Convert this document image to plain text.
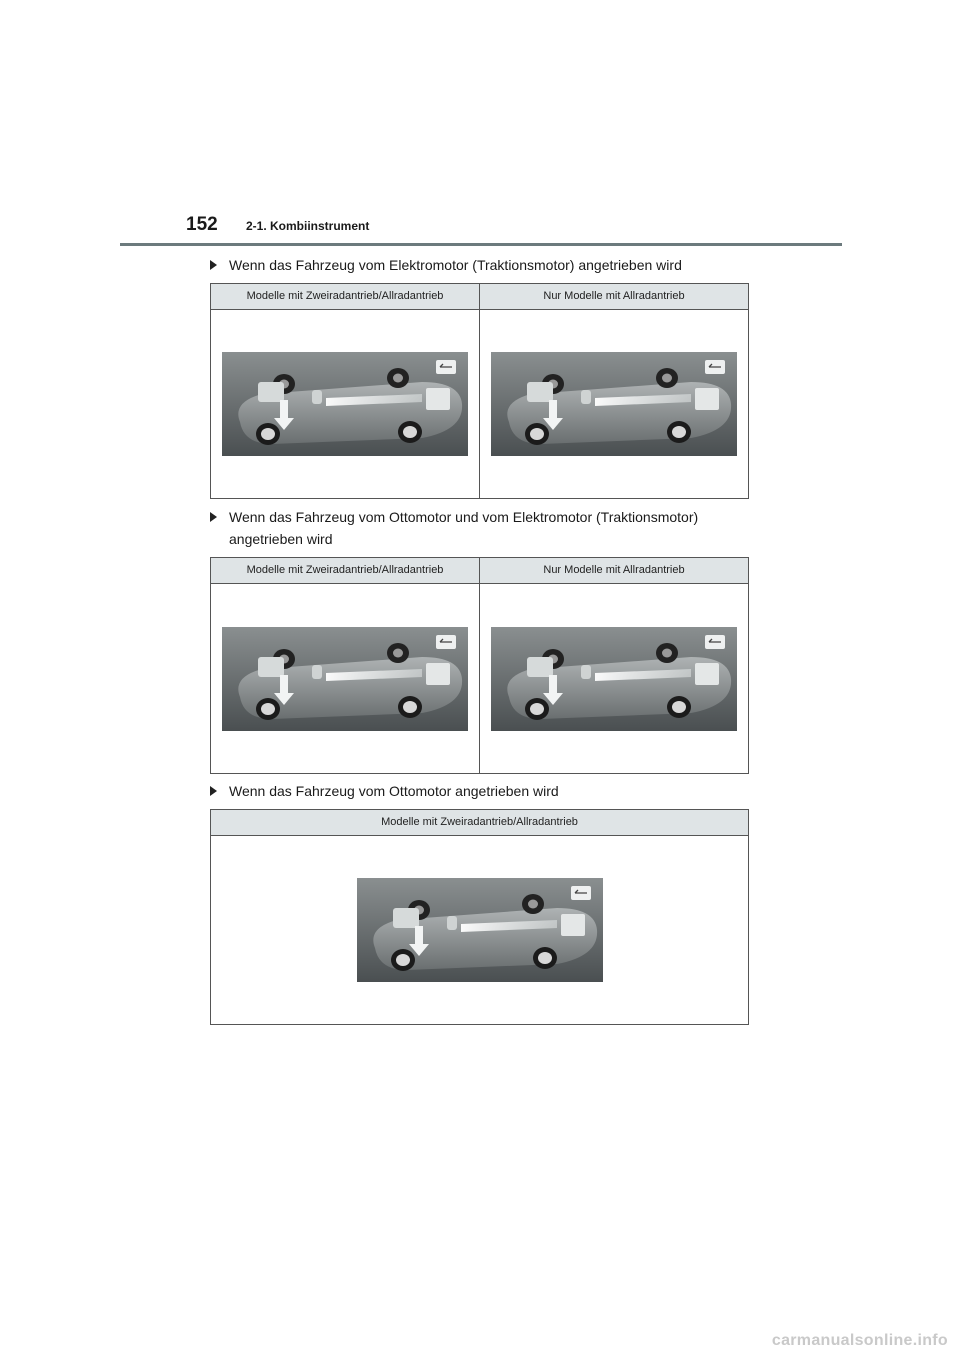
152 2-1. Kombiinstrument
Wenn das Fahrzeug vom Elektromotor (Traktionsmotor) angetrieben wird
Modelle mit Zweiradantrieb/Allradantrieb	Nur Modelle mit Allradantrieb
Wenn das Fahrzeug vom Ottomotor und vom Elektromotor (Traktionsmotor) angetrieben wird
Modelle mit Zweiradantrieb/Allradantrieb	Nur Modelle mit Allradantrieb
Wenn das Fahrzeug vom Ottomotor angetrieben wird
Modelle mit Zweiradantrieb/Allradantrieb
carmanualsonline.info
